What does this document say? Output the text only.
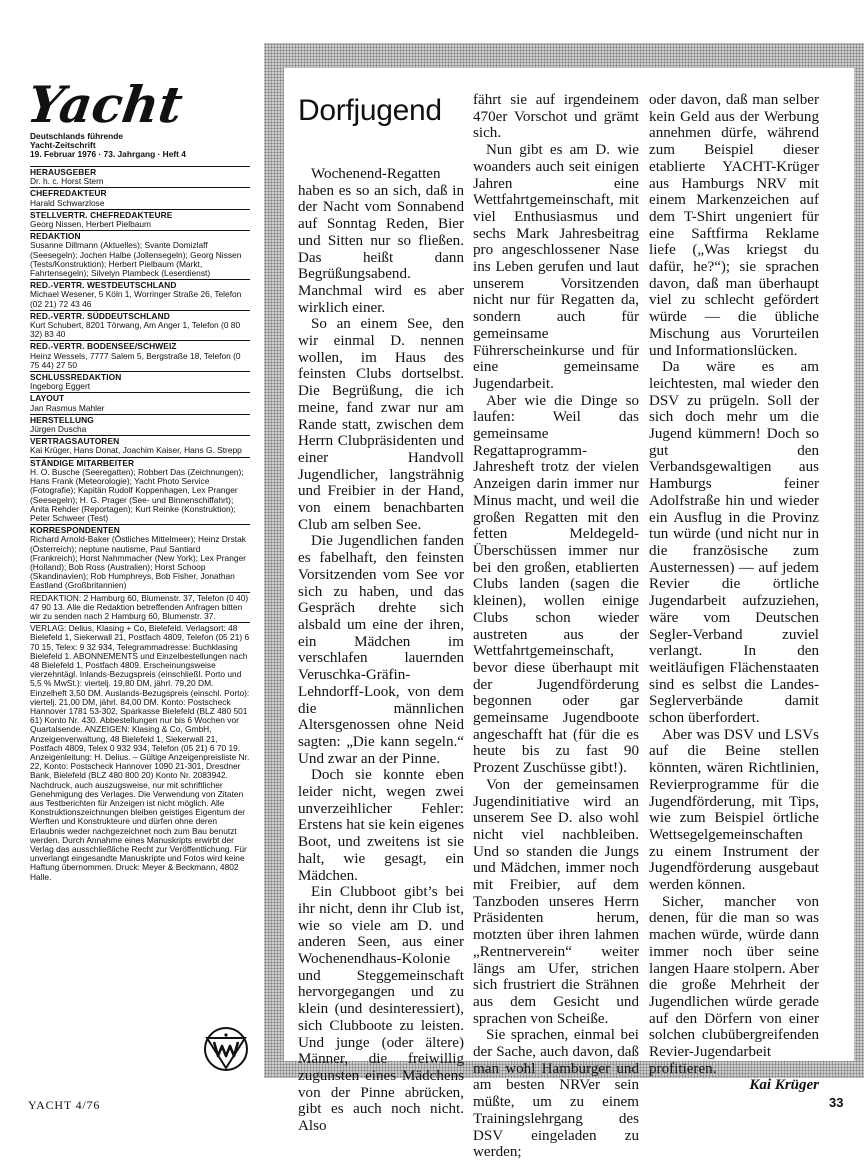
Yacht
Deutschlands führende
Yacht-Zeitschrift
19. Februar 1976 · 73. Jahrgang · Heft 4
HERAUSGEBER
Dr. h. c. Horst Stern
CHEFREDAKTEUR
Harald Schwarzlose
STELLVERTR. CHEFREDAKTEURE
Georg Nissen, Herbert Pielbaum
REDAKTION
Susanne Dillmann (Aktuelles); Svante Domizlaff (Seesegeln); Jochen Halbe (Jollensegeln); Georg Nissen (Tests/Konstruktion); Herbert Pielbaum (Markt, Fahrtensegeln); Silvelyn Plambeck (Leserdienst)
RED.-VERTR. WESTDEUTSCHLAND
Michael Wesener, 5 Köln 1, Worringer Straße 26, Telefon (02 21) 72 43 46
RED.-VERTR. SÜDDEUTSCHLAND
Kurt Schubert, 8201 Törwang, Am Anger 1, Telefon (0 80 32) 83 40
RED.-VERTR. BODENSEE/SCHWEIZ
Heinz Wessels, 7777 Salem 5, Bergstraße 18, Telefon (0 75 44) 27 50
SCHLUSSREDAKTION
Ingeborg Eggert
LAYOUT
Jan Rasmus Mahler
HERSTELLUNG
Jürgen Duscha
VERTRAGSAUTOREN
Kai Krüger, Hans Donat, Joachim Kaiser, Hans G. Strepp
STÄNDIGE MITARBEITER
H. O. Busche (Seeregatten); Robbert Das (Zeichnungen); Hans Frank (Meteorologie); Yacht Photo Service (Fotografie); Kapitän Rudolf Koppenhagen, Lex Pranger (Seesegeln); H. G. Prager (See- und Binnenschiffahrt); Anita Rehder (Reportagen); Kurt Reinke (Konstruktion); Peter Schweer (Test)
KORRESPONDENTEN
Richard Arnold-Baker (Östliches Mittelmeer); Heinz Drstak (Österreich); neptune nautisme, Paul Santiard (Frankreich); Horst Nahmmacher (New York); Lex Pranger (Holland); Bob Ross (Australien); Horst Schoop (Skandinavien); Rob Humphreys, Bob Fisher, Jonathan Eastland (Großbritannien)
REDAKTION: 2 Hamburg 60, Blumenstr. 37, Telefon (0 40) 47 90 13. Alle die Redaktion betreffenden Anfragen bitten wir zu senden nach 2 Hamburg 60, Blumenstr. 37.
VERLAG: Delius, Klasing + Co, Bielefeld. Verlagsort: 48 Bielefeld 1, Siekerwall 21, Postfach 4809, Telefon (05 21) 6 70 15, Telex: 9 32 934, Telegrammadresse: Buchklasing Bielefeld 1. ABONNEMENTS und Einzelbestellungen nach 48 Bielefeld 1, Postfach 4809. Erscheinungsweise vierzehntägl. Inlands-Bezugspreis (einschließl. Porto und 5,5 % MwSt.): viertelj. 19,80 DM, jährl. 79,20 DM. Einzelheft 3,50 DM. Auslands-Bezugspreis (einschl. Porto): viertelj. 21,00 DM, jährl. 84,00 DM. Konto: Postscheck Hannover 1781 53-302, Sparkasse Bielefeld (BLZ 480 501 61) Konto Nr. 430. Abbestellungen nur bis 6 Wochen vor Quartalsende. ANZEIGEN: Klasing & Co, GmbH, Anzeigenverwaltung, 48 Bielefeld 1, Siekerwall 21, Postfach 4809, Telex 0 932 934, Telefon (05 21) 6 70 19. Anzeigenleitung: H. Delius. – Gültige Anzeigenpreisliste Nr. 22, Konto: Postscheck Hannover 1090 21-301, Dresdner Bank, Bielefeld (BLZ 480 800 20) Konto Nr. 2083942. Nachdruck, auch auszugsweise, nur mit schriftlicher Genehmigung des Verlages. Die Verwendung von Zitaten aus Testberichten für Anzeigen ist nicht möglich. Alle Konstruktionszeichnungen bleiben geistiges Eigentum der Werften und Konstrukteure und dürfen ohne deren Erlaubnis weder nachgezeichnet noch zum Bau benutzt werden. Durch Annahme eines Manuskripts erwirbt der Verlag das ausschließliche Recht zur Veröffentlichung. Für unverlangt eingesandte Manuskripte und Fotos wird keine Haftung übernommen. Druck: Meyer & Beckmann, 4802 Halle.
Dorfjugend

Wochenend-Regatten haben es so an sich, daß in der Nacht vom Sonnabend auf Sonntag Reden, Bier und Sitten nur so fließen. Das heißt dann Begrüßungsabend. Manchmal wird es aber wirklich einer.

So an einem See, den wir einmal D. nennen wollen, im Haus des feinsten Clubs dortselbst. Die Begrüßung, die ich meine, fand zwar nur am Rande statt, zwischen dem Herrn Clubpräsidenten und einer Handvoll Jugendlicher, langsträhnig und Freibier in der Hand, von einem benachbarten Club am selben See.

Die Jugendlichen fanden es fabelhaft, den feinsten Vorsitzenden vom See vor sich zu haben, und das Gespräch drehte sich alsbald um eine der ihren, ein Mädchen im verschlafen lauernden Veruschka-Gräfin-Lehndorff-Look, von dem die männlichen Altersgenossen ohne Neid sagten: „Die kann segeln.“ Und zwar an der Pinne.

Doch sie konnte eben leider nicht, wegen zwei unverzeihlicher Fehler: Erstens hat sie kein eigenes Boot, und zweitens ist sie halt, wie gesagt, ein Mädchen.

Ein Clubboot gibt’s bei ihr nicht, denn ihr Club ist, wie so viele am D. und anderen Seen, aus einer Wochenendhaus-Kolonie und Steggemeinschaft hervorgegangen und zu klein (und desinteressiert), sich Clubboote zu leisten. Und junge (oder ältere) Männer, die freiwillig zugunsten eines Mädchens von der Pinne abrücken, gibt es auch noch nicht. Also

fährt sie auf irgendeinem 470er Vorschot und grämt sich.

Nun gibt es am D. wie woanders auch seit einigen Jahren eine Wettfahrtgemeinschaft, mit viel Enthusiasmus und sechs Mark Jahresbeitrag pro angeschlossener Nase ins Leben gerufen und laut unserem Vorsitzenden nicht nur für Regatten da, sondern auch für gemeinsame Führerscheinkurse und für eine gemeinsame Jugendarbeit.

Aber wie die Dinge so laufen: Weil das gemeinsame Regattaprogramm-Jahresheft trotz der vielen Anzeigen darin immer nur Minus macht, und weil die großen Regatten mit den fetten Meldegeld-Überschüssen immer nur bei den großen, etablierten Clubs landen (sagen die kleinen), wollen einige Clubs schon wieder austreten aus der Wettfahrtgemeinschaft, bevor diese überhaupt mit der Jugendförderung begonnen oder gar gemeinsame Jugendboote angeschafft hat (für die es heute bis zu fast 90 Prozent Zuschüsse gibt!).

Von der gemeinsamen Jugendinitiative wird an unserem See D. also wohl nicht viel nachbleiben. Und so standen die Jungs und Mädchen, immer noch mit Freibier, auf dem Tanzboden unseres Herrn Präsidenten herum, motzten über ihren lahmen „Rentnerverein“ weiter längs am Ufer, strichen sich frustriert die Strähnen aus dem Gesicht und sprachen von Scheiße.

Sie sprachen, einmal bei der Sache, auch davon, daß man wohl Hamburger und am besten NRVer sein müßte, um zu einem Trainingslehrgang des DSV eingeladen zu werden;

oder davon, daß man selber kein Geld aus der Werbung annehmen dürfe, während zum Beispiel dieser etablierte YACHT-Krüger aus Hamburgs NRV mit einem Markenzeichen auf dem T-Shirt ungeniert für eine Saftfirma Reklame liefe („Was kriegst du dafür, he?“); sie sprachen davon, daß man überhaupt viel zu schlecht gefördert würde — die übliche Mischung aus Vorurteilen und Informationslücken.

Da wäre es am leichtesten, mal wieder den DSV zu prügeln. Soll der sich doch mehr um die Jugend kümmern! Doch so gut den Verbandsgewaltigen aus Hamburgs feiner Adolfstraße hin und wieder ein Ausflug in die Provinz tun würde (und nicht nur in die französische zum Austernessen) — auf jedem Revier die örtliche Jugendarbeit aufzuziehen, wäre vom Deutschen Segler-Verband zuviel verlangt. In den weitläufigen Flächenstaaten sind es selbst die Landes-Seglerverbände damit schon überfordert.

Aber was DSV und LSVs auf die Beine stellen könnten, wären Richtlinien, Revierprogramme für die Jugendförderung, mit Tips, wie zum Beispiel örtliche Wettsegelgemeinschaften zu einem Instrument der Jugendförderung ausgebaut werden können.

Sicher, mancher von denen, für die man so was machen würde, würde dann immer noch über seine langen Haare stolpern. Aber die große Mehrheit der Jugendlichen würde gerade auf den Dörfern von einer solchen clubübergreifenden Revier-Jugendarbeit profitieren.

Kai Krüger
YACHT 4/76	33
